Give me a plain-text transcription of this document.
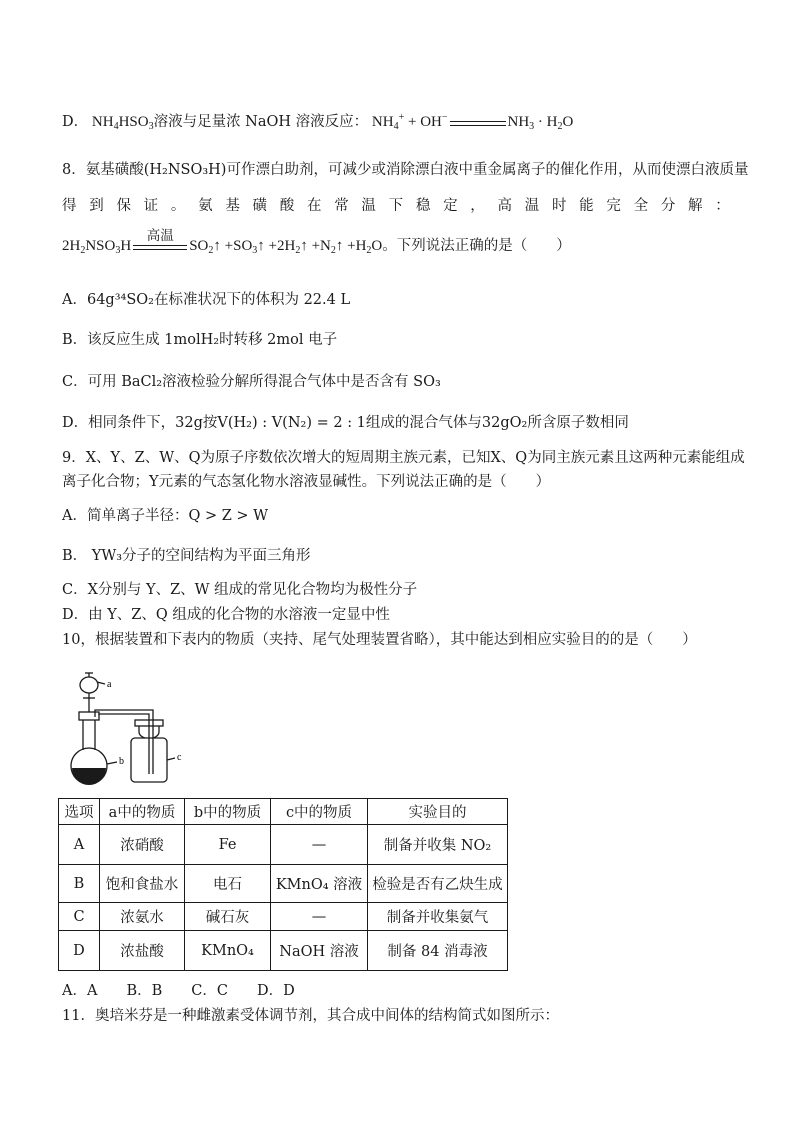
D． $NH_4HSO_3$溶液与足量浓 NaOH 溶液反应： $NH_4^+ + OH^-$	$NH_3 \cdot H_2O$
8．氨基磺酸(H₂NSO₃H)可作漂白助剂，可减少或消除漂白液中重金属离子的催化作用，从而使漂白液质量
得 到 保 证 。 氨 基 磺 酸 在 常 温 下 稳 定 ， 高 温 时 能 完 全 分 解 ：
$2H_2NSO_3H$
高温
$SO_2↑$ $+SO_3↑$ $+2H_2↑$ $+N_2↑ +H_2O$。下列说法正确的是（　　）
A．64g³⁴SO₂在标准状况下的体积为 22.4 L
B．该反应生成 1molH₂时转移 2mol 电子
C．可用 BaCl₂溶液检验分解所得混合气体中是否含有 SO₃
D．相同条件下，32g按V(H₂) : V(N₂) = 2 : 1组成的混合气体与32gO₂所含原子数相同
9．X、Y、Z、W、Q为原子序数依次增大的短周期主族元素，已知X、Q为同主族元素且这两种元素能组成
离子化合物；Y元素的气态氢化物水溶液显碱性。下列说法正确的是（　　）
A．简单离子半径：Q > Z > W
B． YW₃分子的空间结构为平面三角形
C．X分别与 Y、Z、W 组成的常见化合物均为极性分子
D．由 Y、Z、Q 组成的化合物的水溶液一定显中性
10，根据装置和下表内的物质（夹持、尾气处理装置省略），其中能达到相应实验目的的是（　　）
a
b	c
选项	a中的物质	b中的物质	c中的物质	实验目的
A	浓硝酸	Fe	—	制备并收集 NO₂
B	饱和食盐水	电石	KMnO₄ 溶液	检验是否有乙炔生成
C	浓氨水	碱石灰	—	制备并收集氨气
D	浓盐酸	KMnO₄	NaOH 溶液	制备 84 消毒液
A．A　　B．B　　C．C　　D．D
11．奥培米芬是一种雌激素受体调节剂，其合成中间体的结构简式如图所示：
